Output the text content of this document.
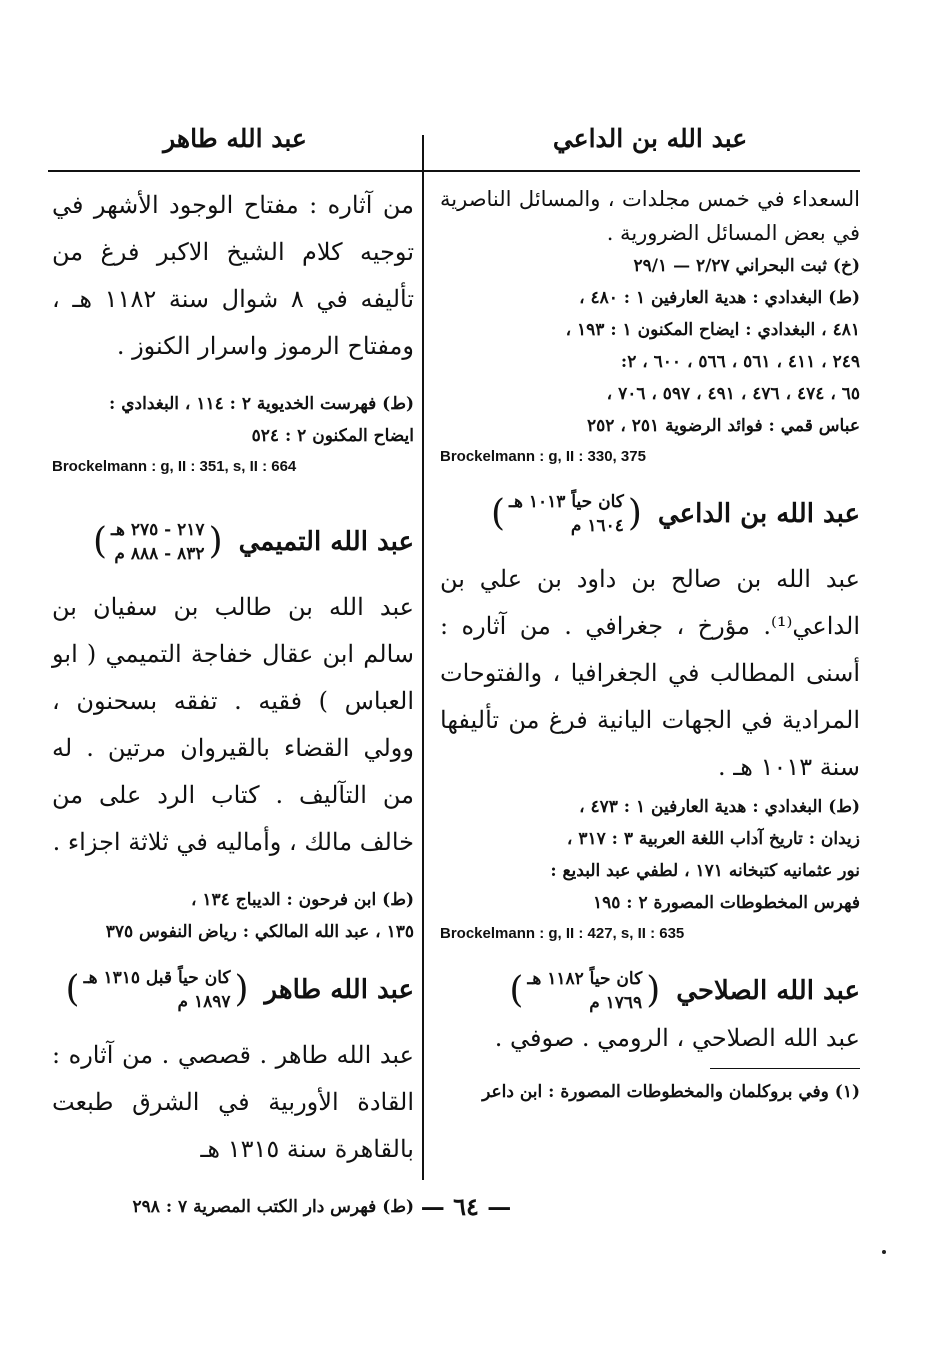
عبد الله بن الداعي
عبد الله طاهر

السعداء في خمس مجلدات ، والمسائل الناصرية في بعض المسائل الضرورية .

(خ) ثبت البحراني ٢/٢٧ — ٢٩/١

(ط) البغدادي : هدية العارفين ١ : ٤٨٠ ،

٤٨١ ، البغدادي : ايضاح المكنون ١ : ١٩٣ ،

٢٤٩ ، ٤١١ ، ٥٦١ ، ٥٦٦ ، ٦٠٠ ، ٢:

٦٥ ، ٤٧٤ ، ٤٧٦ ، ٤٩١ ، ٥٩٧ ، ٧٠٦ ،

عباس قمي : فوائد الرضوية ٢٥١ ، ٢٥٢

Brockelmann : g, II : 330, 375

عبد الله بن الداعي
(
كان حياً ١٠١٣ هـ
١٦٠٤ م
)

عبد الله بن صالح بن داود بن علي بن الداعي⁽¹⁾. مؤرخ ، جغرافي . من آثاره : أسنى المطالب في الجغرافيا ، والفتوحات المرادية في الجهات اليانية فرغ من تأليفها سنة ١٠١٣ هـ .

(ط) البغدادي : هدية العارفين ١ : ٤٧٣ ،

زيدان : تاريخ آداب اللغة العربية ٣ : ٣١٧ ،

نور عثمانيه كتبخانه ١٧١ ، لطفي عبد البديع :

فهرس المخطوطات المصورة ٢ : ١٩٥

Brockelmann : g, II : 427, s, II : 635

عبد الله الصلاحي
(
كان حياً ١١٨٢ هـ
١٧٦٩ م
)

عبد الله الصلاحي ، الرومي . صوفي .

(١) وفي بروكلمان والمخطوطات المصورة : ابن داعر

من آثاره : مفتاح الوجود الأشهر في توجيه كلام الشيخ الاكبر فرغ من تأليفه في ٨ شوال سنة ١١٨٢ هـ ، ومفتاح الرموز واسرار الكنوز .

(ط) فهرست الخديوية ٢ : ١١٤ ، البغدادي :

ايضاح المكنون ٢ : ٥٢٤

Brockelmann : g, II : 351, s, II : 664

عبد الله التميمي
(
٢١٧ - ٢٧٥ هـ
٨٣٢ - ٨٨٨ م
)

عبد الله بن طالب بن سفيان بن سالم ابن عقال خفاجة التميمي ( ابو العباس ) فقيه . تفقه بسحنون ، وولي القضاء بالقيروان مرتين . له من التآليف . كتاب الرد على من خالف مالك ، وأماليه في ثلاثة اجزاء .

(ط) ابن فرحون : الديباج ١٣٤ ،

١٣٥ ، عبد الله المالكي : رياض النفوس ٣٧٥

عبد الله طاهر
(
كان حياً قبل ١٣١٥ هـ
١٨٩٧ م
)

عبد الله طاهر . قصصي . من آثاره : القادة الأوربية في الشرق طبعت بالقاهرة سنة ١٣١٥ هـ

(ط) فهرس دار الكتب المصرية ٧ : ٢٩٨ — ٦٤ —
